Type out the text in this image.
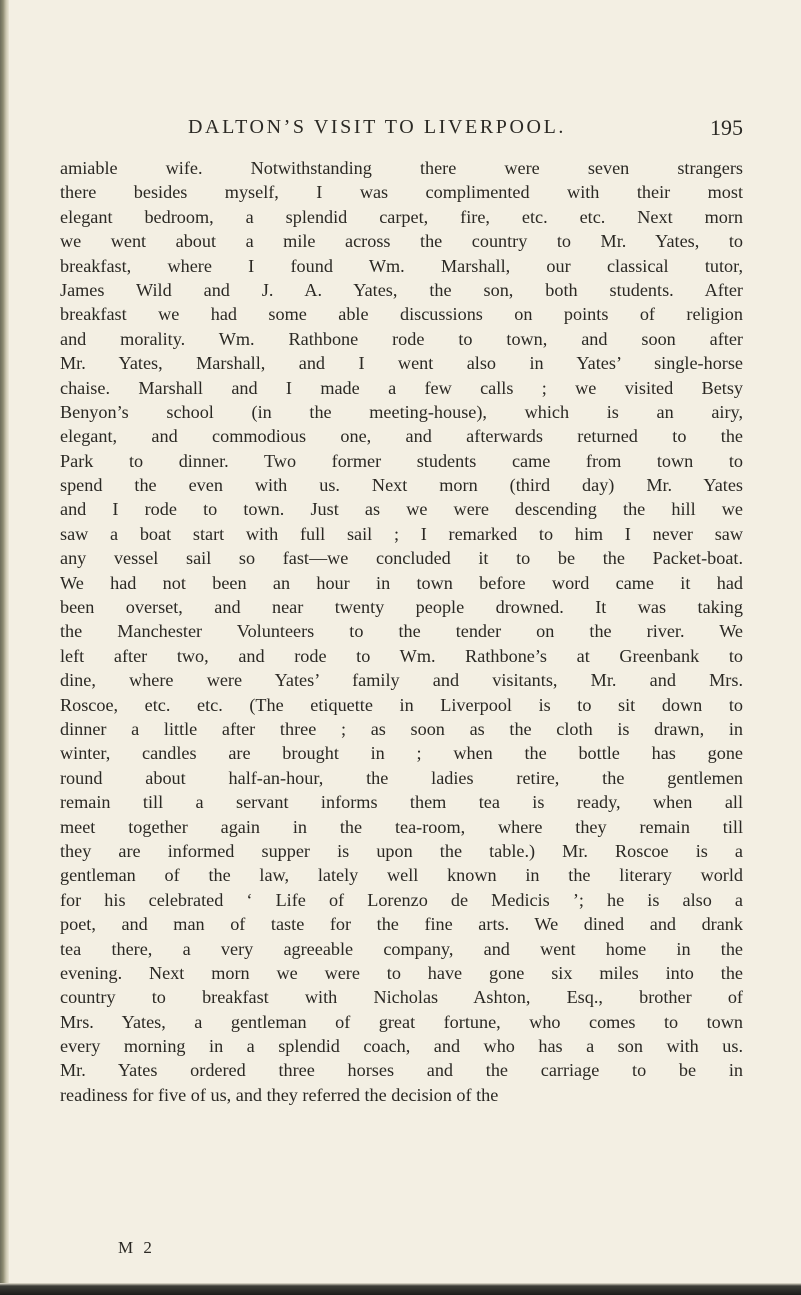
DALTON’S VISIT TO LIVERPOOL.	195
amiable wife. Notwithstanding there were seven strangers
there besides myself, I was complimented with their most
elegant bedroom, a splendid carpet, fire, etc. etc. Next morn
we went about a mile across the country to Mr. Yates, to
breakfast, where I found Wm. Marshall, our classical tutor,
James Wild and J. A. Yates, the son, both students. After
breakfast we had some able discussions on points of religion
and morality. Wm. Rathbone rode to town, and soon after
Mr. Yates, Marshall, and I went also in Yates’ single-horse
chaise. Marshall and I made a few calls ; we visited Betsy
Benyon’s school (in the meeting-house), which is an airy,
elegant, and commodious one, and afterwards returned to the
Park to dinner. Two former students came from town to
spend the even with us. Next morn (third day) Mr. Yates
and I rode to town. Just as we were descending the hill we
saw a boat start with full sail ; I remarked to him I never saw
any vessel sail so fast—we concluded it to be the Packet-boat.
We had not been an hour in town before word came it had
been overset, and near twenty people drowned. It was taking
the Manchester Volunteers to the tender on the river. We
left after two, and rode to Wm. Rathbone’s at Greenbank to
dine, where were Yates’ family and visitants, Mr. and Mrs.
Roscoe, etc. etc. (The etiquette in Liverpool is to sit down to
dinner a little after three ; as soon as the cloth is drawn, in
winter, candles are brought in ; when the bottle has gone
round about half-an-hour, the ladies retire, the gentlemen
remain till a servant informs them tea is ready, when all
meet together again in the tea-room, where they remain till
they are informed supper is upon the table.) Mr. Roscoe is a
gentleman of the law, lately well known in the literary world
for his celebrated ‘ Life of Lorenzo de Medicis ’; he is also a
poet, and man of taste for the fine arts. We dined and drank
tea there, a very agreeable company, and went home in the
evening. Next morn we were to have gone six miles into the
country to breakfast with Nicholas Ashton, Esq., brother of
Mrs. Yates, a gentleman of great fortune, who comes to town
every morning in a splendid coach, and who has a son with us.
Mr. Yates ordered three horses and the carriage to be in
readiness for five of us, and they referred the decision of the
M 2
